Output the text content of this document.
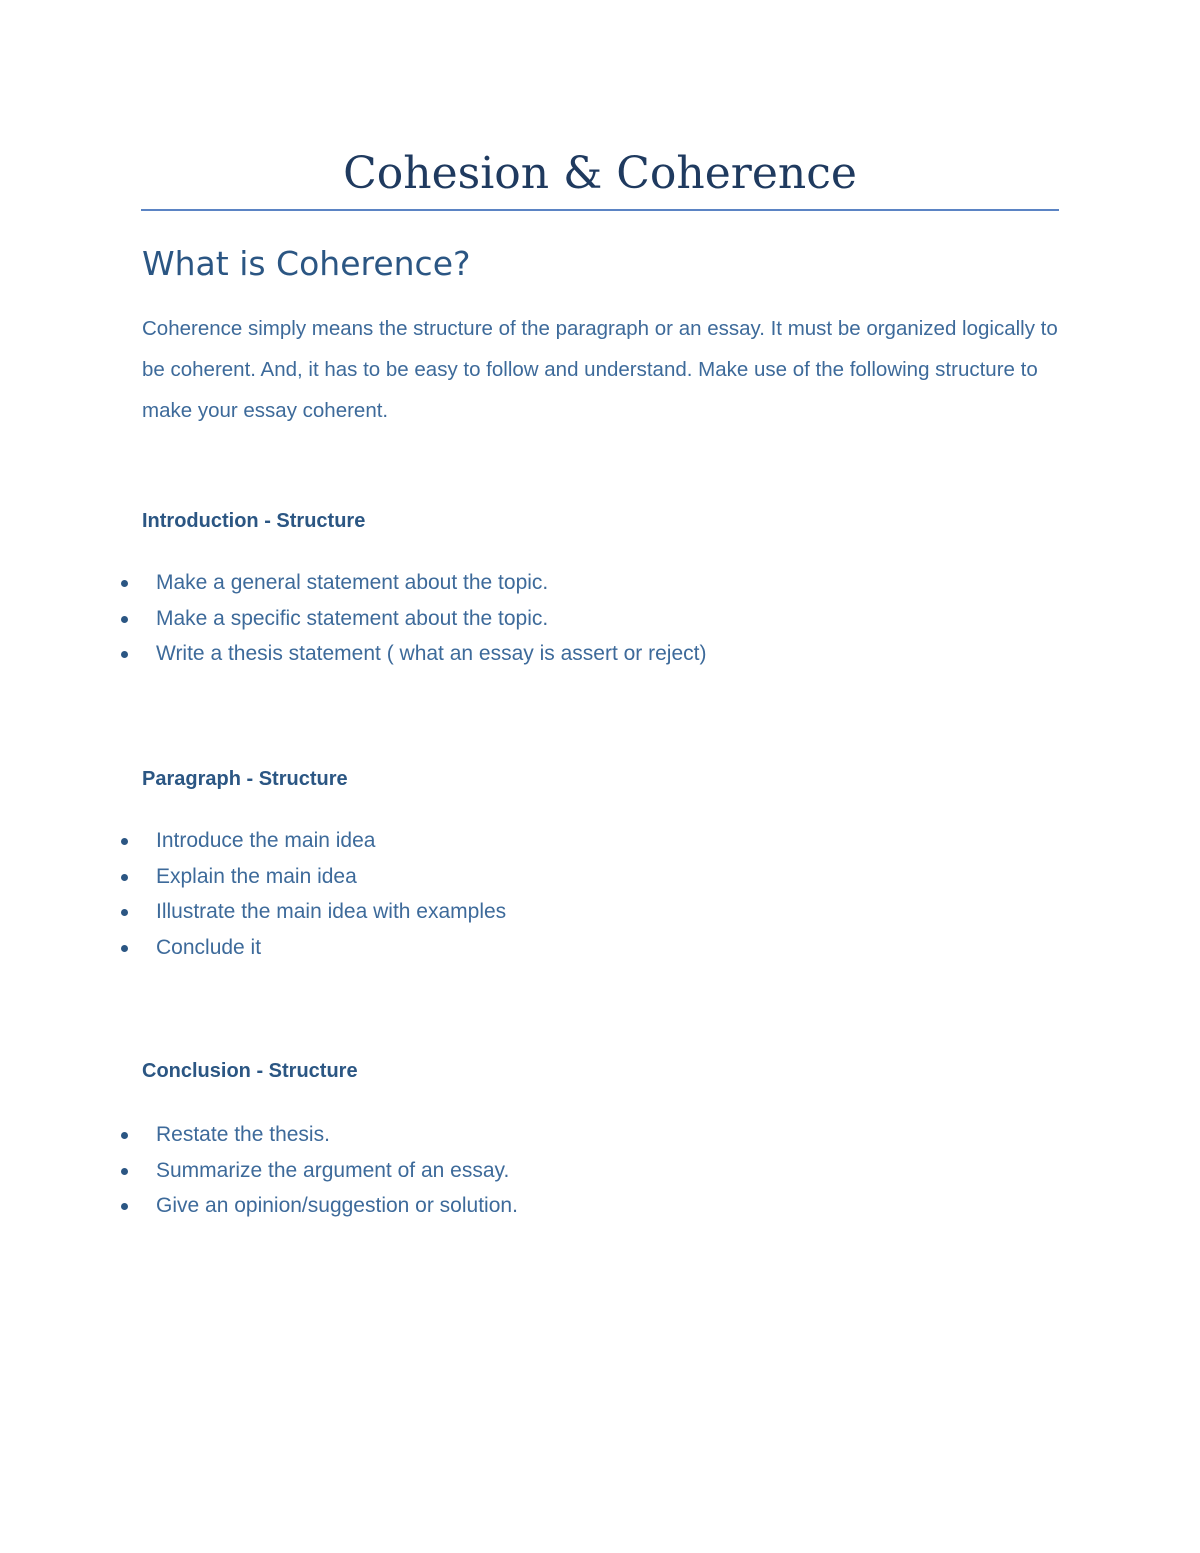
Cohesion & Coherence
What is Coherence?

Coherence simply means the structure of the paragraph or an essay. It must be organized logically to be coherent. And, it has to be easy to follow and understand. Make use of the following structure to make your essay coherent.

Introduction - Structure
Make a general statement about the topic.
Make a specific statement about the topic.
Write a thesis statement ( what an essay is assert or reject)
Paragraph - Structure
Introduce the main idea
Explain the main idea
Illustrate the main idea with examples
Conclude it
Conclusion - Structure
Restate the thesis.
Summarize the argument of an essay.
Give an opinion/suggestion or solution.
